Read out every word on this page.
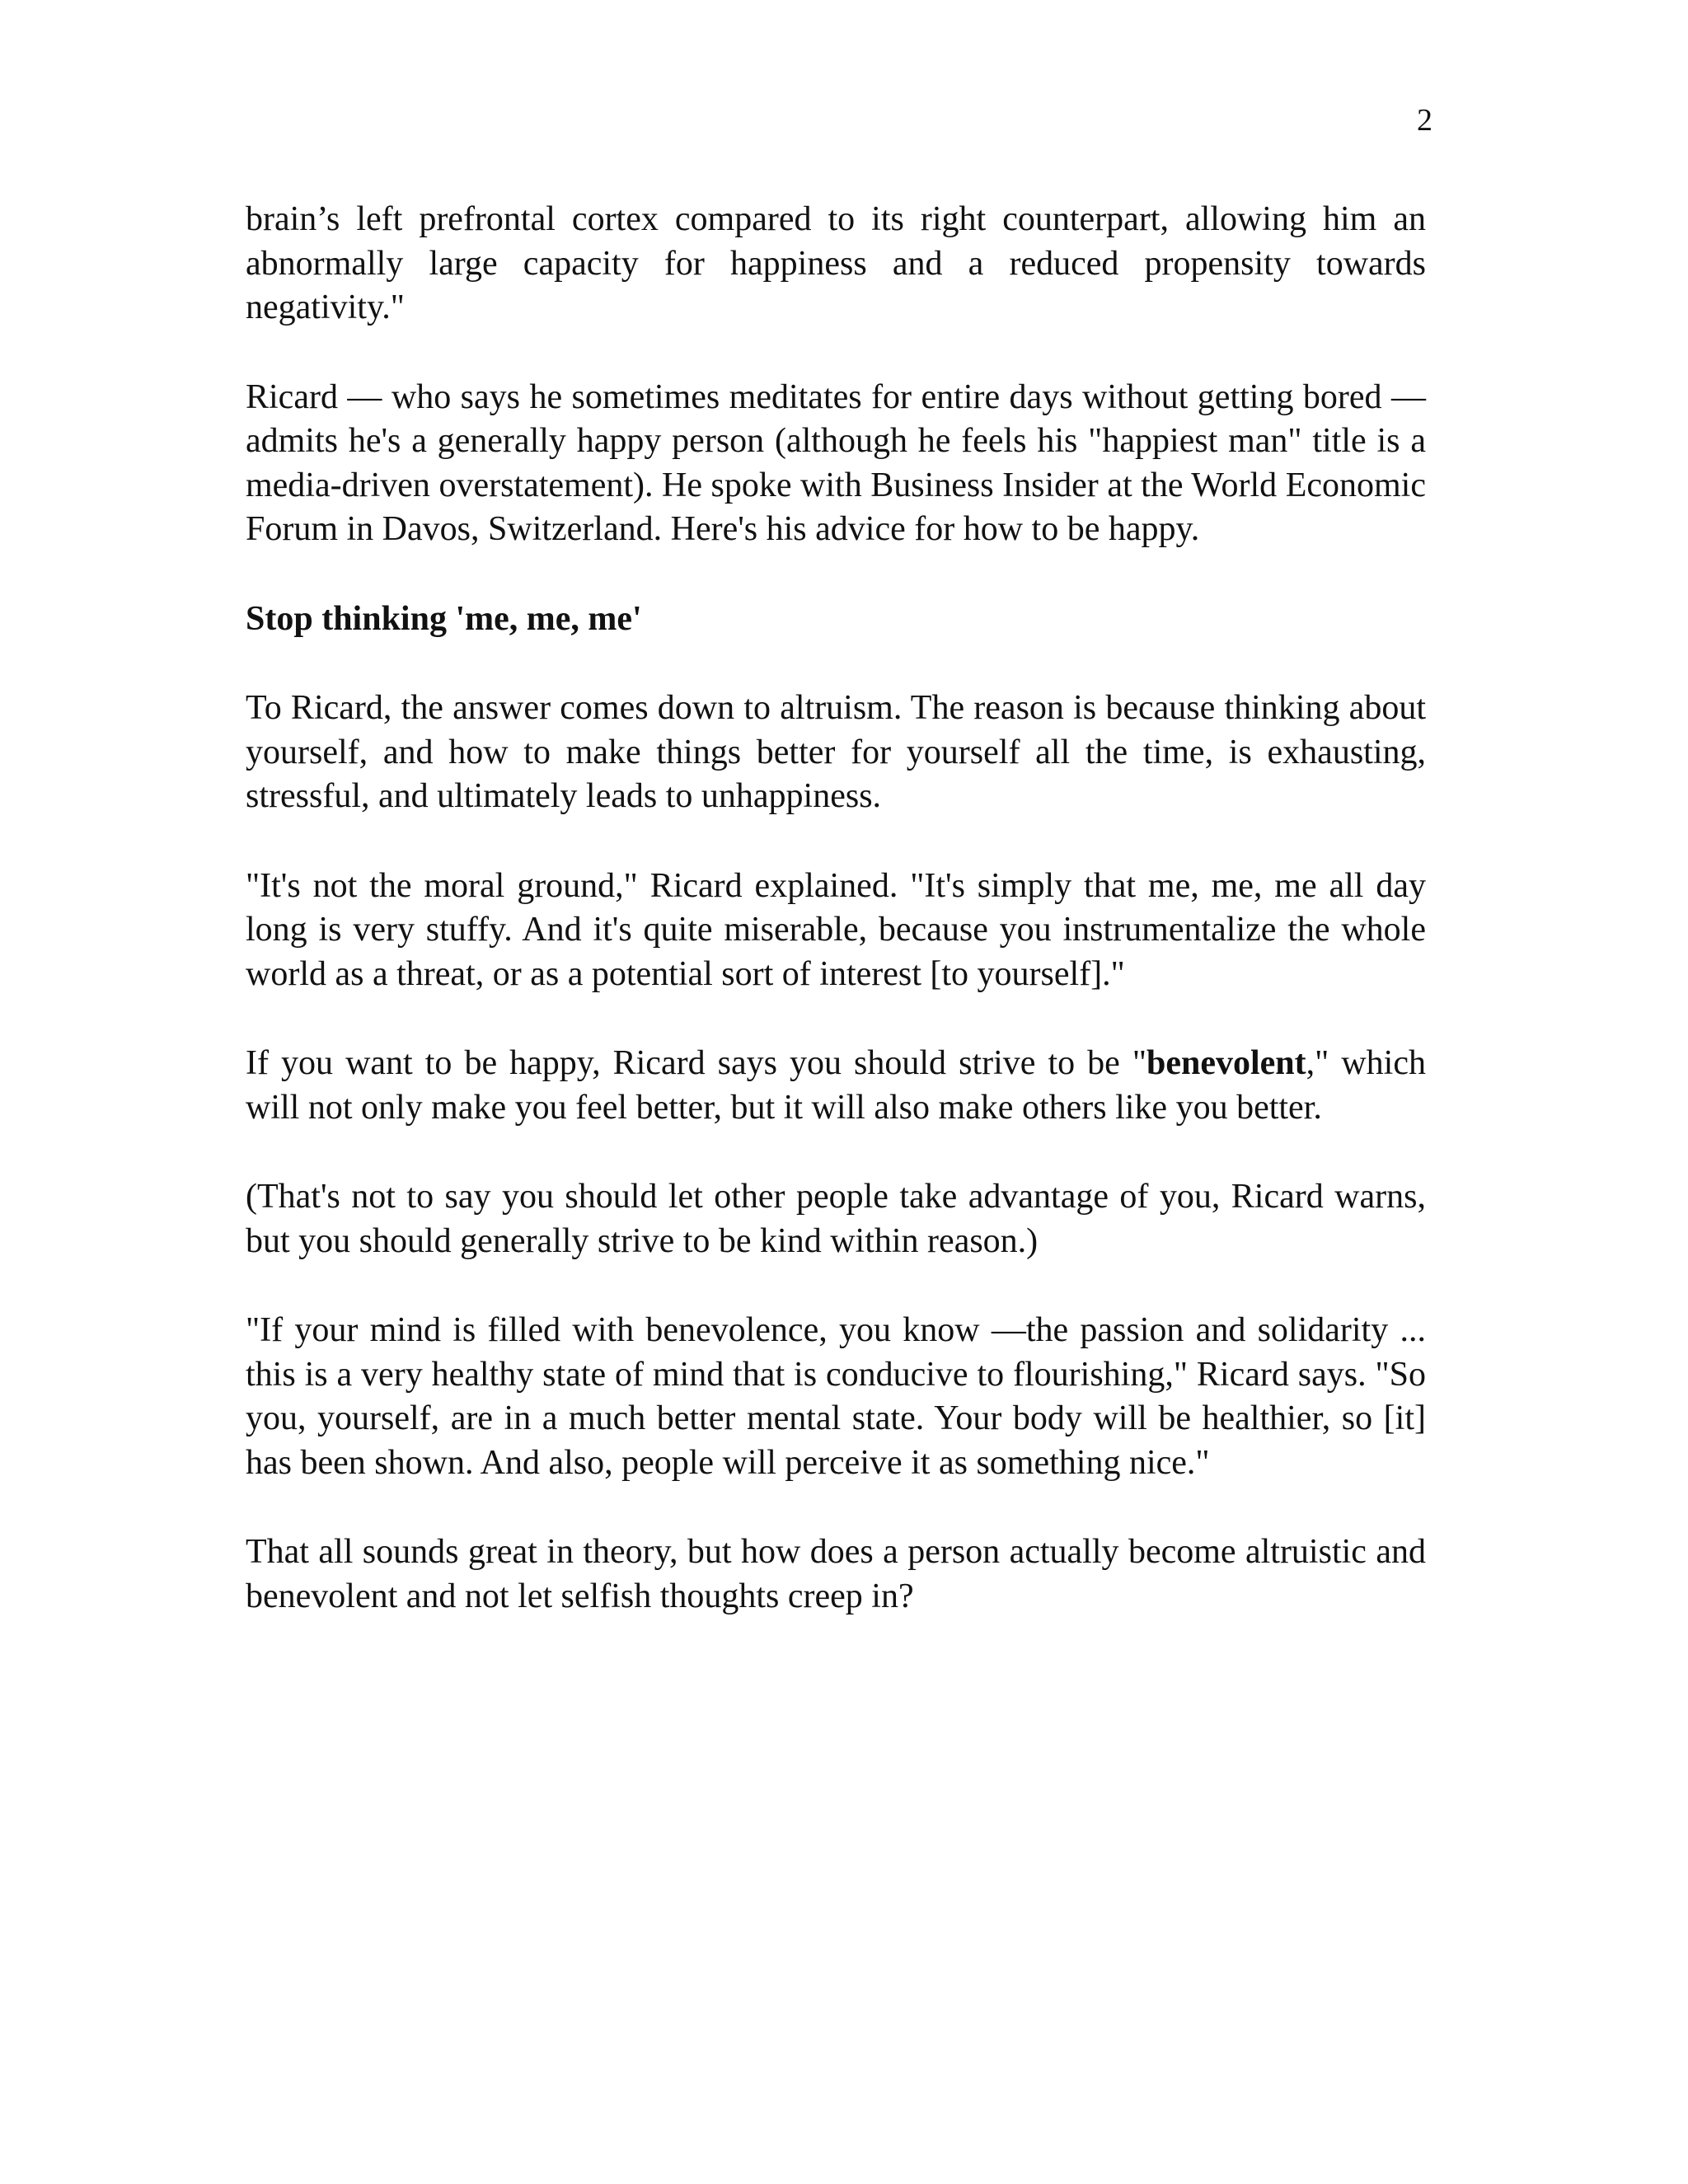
2

brain’s left prefrontal cortex compared to its right counterpart, allowing him an abnormally large capacity for happiness and a reduced propensity towards negativity."

Ricard — who says he sometimes meditates for entire days without getting bored — admits he's a generally happy person (although he feels his "happiest man" title is a media-driven overstatement). He spoke with Business Insider at the World Economic Forum in Davos, Switzerland. Here's his advice for how to be happy.

Stop thinking 'me, me, me'

To Ricard, the answer comes down to altruism. The reason is because thinking about yourself, and how to make things better for yourself all the time, is exhausting, stressful, and ultimately leads to unhappiness.

"It's not the moral ground," Ricard explained. "It's simply that me, me, me all day long is very stuffy. And it's quite miserable, because you instrumentalize the whole world as a threat, or as a potential sort of interest [to yourself]."

If you want to be happy, Ricard says you should strive to be "benevolent," which will not only make you feel better, but it will also make others like you better.

(That's not to say you should let other people take advantage of you, Ricard warns, but you should generally strive to be kind within reason.)

"If your mind is filled with benevolence, you know —the passion and solidarity ... this is a very healthy state of mind that is conducive to flourishing," Ricard says. "So you, yourself, are in a much better mental state. Your body will be healthier, so [it] has been shown. And also, people will perceive it as something nice."

That all sounds great in theory, but how does a person actually become altruistic and benevolent and not let selfish thoughts creep in?
